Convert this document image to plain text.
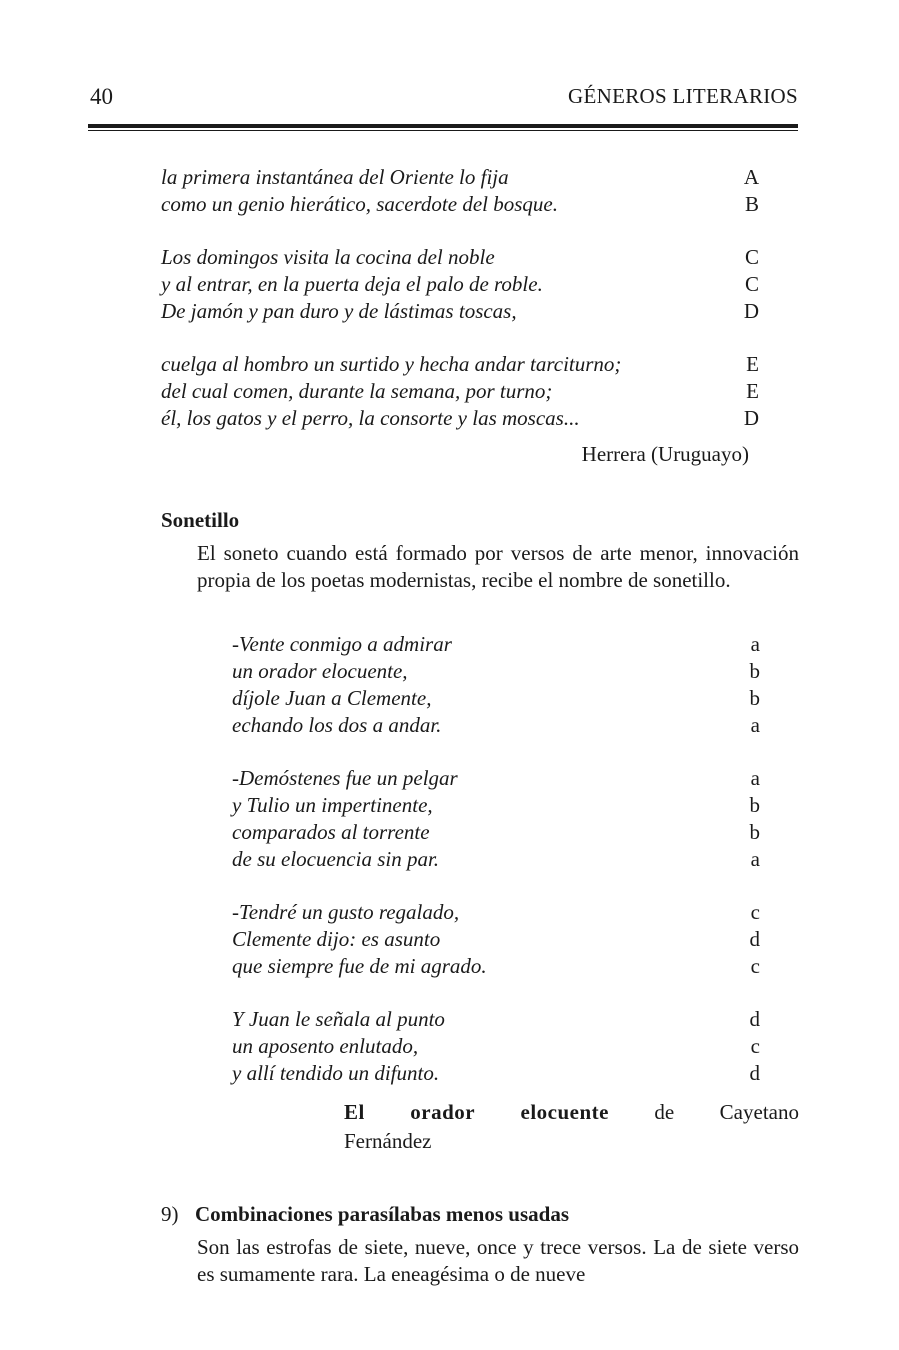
40	GÉNEROS LITERARIOS
la primera instantánea del Oriente lo fija	A
como un genio hierático, sacerdote del bosque.	B
Los domingos visita la cocina del noble	C
y al entrar, en la puerta deja el palo de roble.	C
De jamón y pan duro y de lástimas toscas,	D
cuelga al hombro un surtido y hecha andar tarciturno;	E
del cual comen, durante la semana, por turno;	E
él, los gatos y el perro, la consorte y las moscas...	D
Herrera (Uruguayo)
Sonetillo
El soneto cuando está formado por versos de arte menor, innovación propia de los poetas modernistas, recibe el nombre de sonetillo.
-Vente conmigo a admirar	a
un orador elocuente,	b
díjole Juan a Clemente,	b
echando los dos a andar.	a
-Demóstenes fue un pelgar	a
y Tulio un impertinente,	b
comparados al torrente	b
de su elocuencia sin par.	a
-Tendré un gusto regalado,	c
Clemente dijo: es asunto	d
que siempre fue de mi agrado.	c
Y Juan le señala al punto	d
un aposento enlutado,	c
y allí tendido un difunto.	d
El orador elocuente de Cayetano
Fernández
9) Combinaciones parasílabas menos usadas
Son las estrofas de siete, nueve, once y trece versos. La de siete verso es sumamente rara. La eneagésima o de nueve
